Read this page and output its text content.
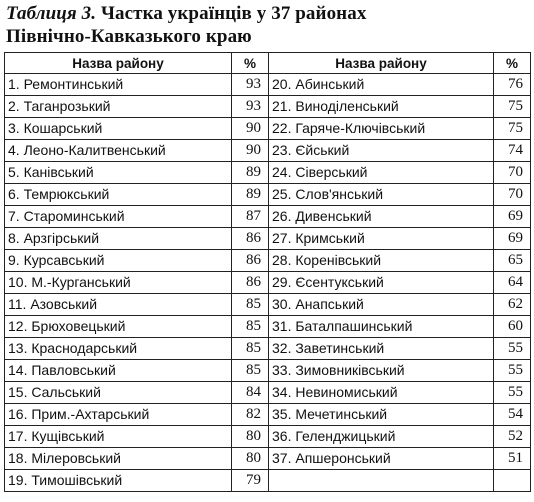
Таблиця 3. Частка українців у 37 районах
Північно-Кавказького краю
Назва району	%	Назва району	%
1. Ремонтинський	93	20. Абинський	76
2. Таганрозький	93	21. Виноділенський	75
3. Кошарський	90	22. Гаряче-Ключівський	75
4. Леоно-Калитвенський	90	23. Єйський	74
5. Канівський	89	24. Сіверський	70
6. Темрюкський	89	25. Слов'янський	70
7. Староминський	87	26. Дивенський	69
8. Арзгірський	86	27. Кримський	69
9. Курсавський	86	28. Коренівський	65
10. М.-Курганський	86	29. Єсентукський	64
11. Азовський	85	30. Анапський	62
12. Брюховецький	85	31. Баталпашинський	60
13. Краснодарський	85	32. Заветинський	55
14. Павловський	85	33. Зимовниківський	55
15. Сальський	84	34. Невиномиський	55
16. Прим.-Ахтарський	82	35. Мечетинський	54
17. Кущівський	80	36. Геленджицький	52
18. Мілеровський	80	37. Апшеронський	51
19. Тимошівський	79		
